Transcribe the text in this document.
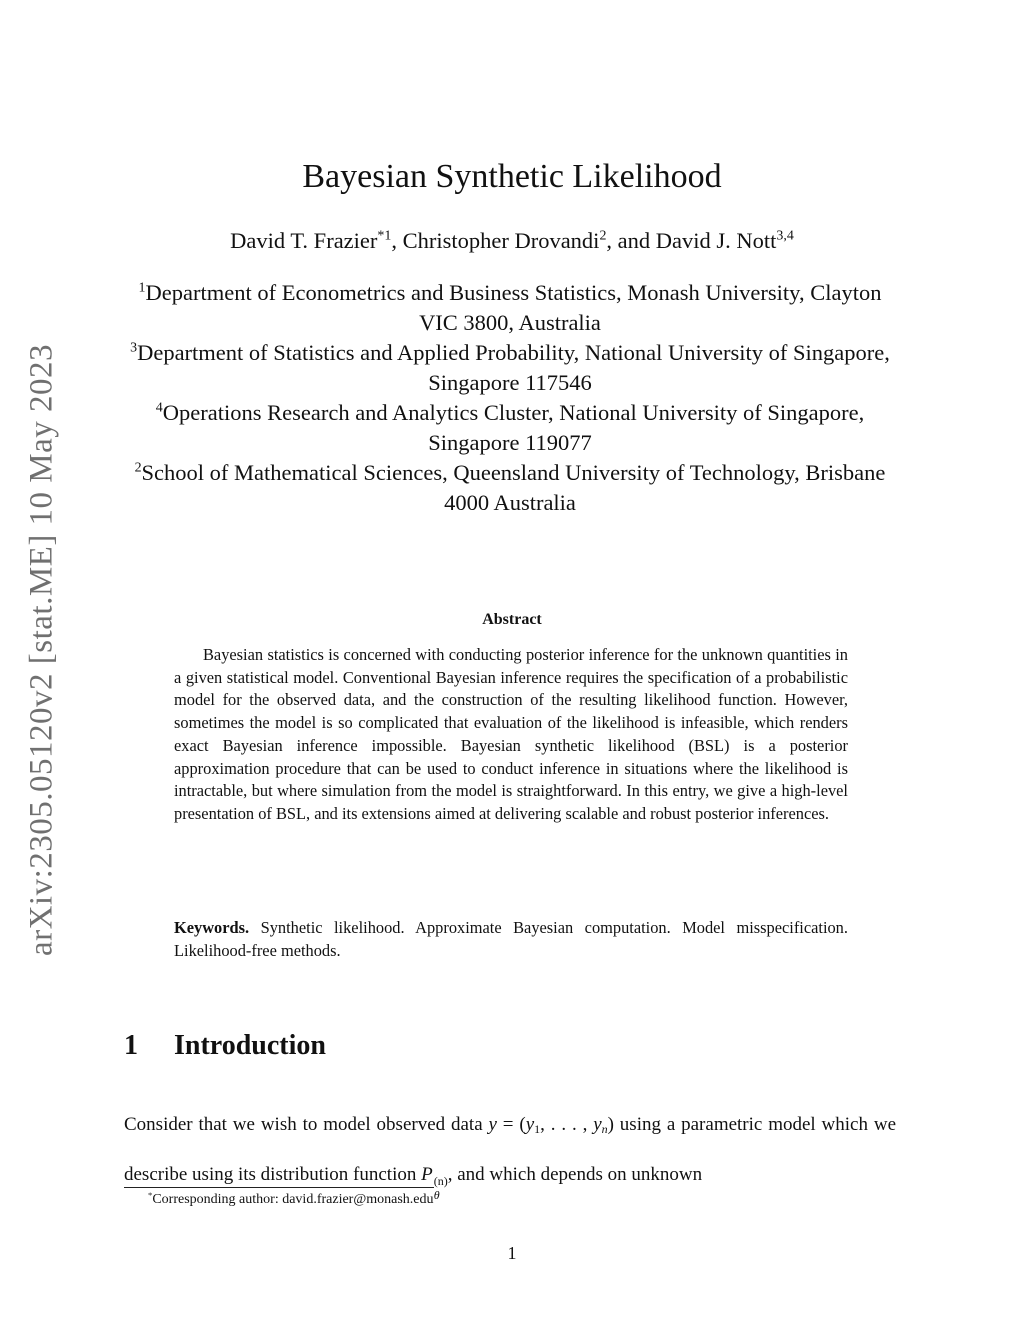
arXiv:2305.05120v2 [stat.ME] 10 May 2023
Bayesian Synthetic Likelihood
David T. Frazier$^{*1}$, Christopher Drovandi$^2$, and David J. Nott$^{3,4}$

$^1$Department of Econometrics and Business Statistics, Monash University, Clayton VIC 3800, Australia

$^3$Department of Statistics and Applied Probability, National University of Singapore, Singapore 117546

$^4$Operations Research and Analytics Cluster, National University of Singapore, Singapore 119077

$^2$School of Mathematical Sciences, Queensland University of Technology, Brisbane 4000 Australia

Abstract

Bayesian statistics is concerned with conducting posterior inference for the unknown quantities in a given statistical model. Conventional Bayesian inference requires the specification of a probabilistic model for the observed data, and the construction of the resulting likelihood function. However, sometimes the model is so complicated that evaluation of the likelihood is infeasible, which renders exact Bayesian inference impossible. Bayesian synthetic likelihood (BSL) is a posterior approximation procedure that can be used to conduct inference in situations where the likelihood is intractable, but where simulation from the model is straightforward. In this entry, we give a high-level presentation of BSL, and its extensions aimed at delivering scalable and robust posterior inferences.

Keywords. Synthetic likelihood. Approximate Bayesian computation. Model misspecification. Likelihood-free methods.

1 Introduction

Consider that we wish to model observed data $y = (y_1$, . . . , $y_n$) using a parametric model which we describe using its distribution function P (n)
θ
, and which depends on unknown

*Corresponding author: david.frazier@monash.edu
1
